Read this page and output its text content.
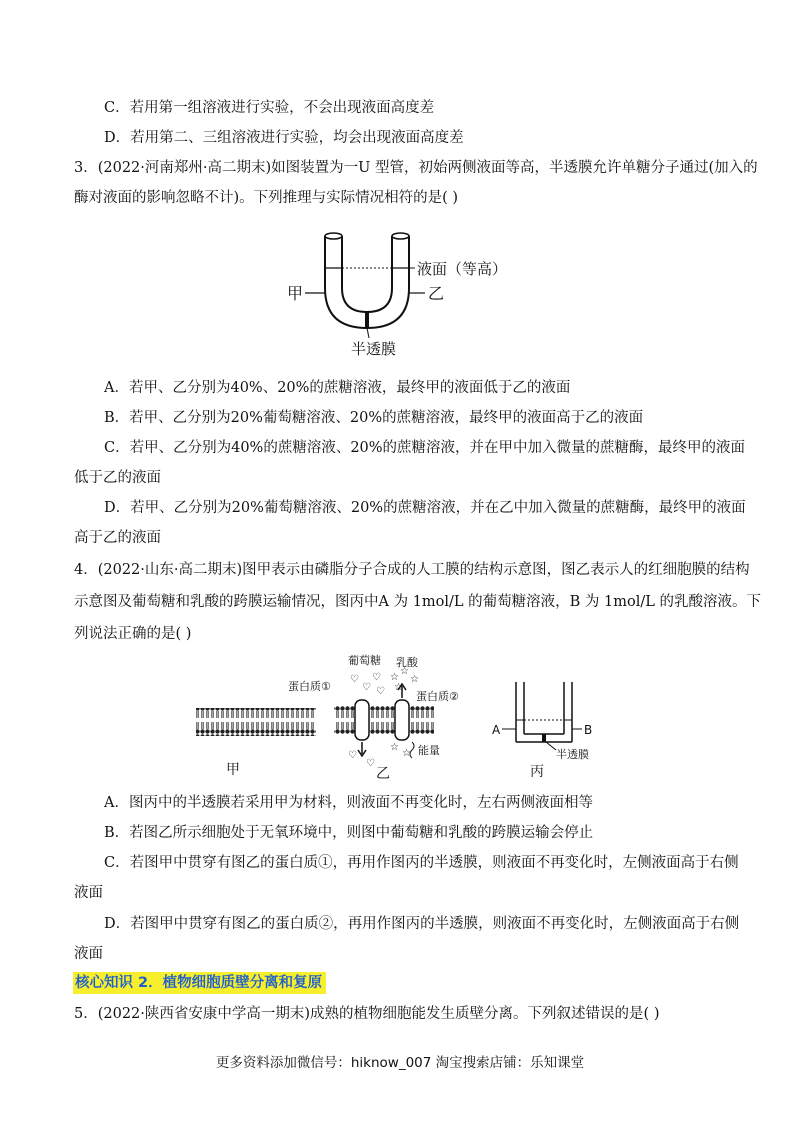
C．若用第一组溶液进行实验，不会出现液面高度差
D．若用第二、三组溶液进行实验，均会出现液面高度差
3．(2022·河南郑州·高二期末)如图装置为一U 型管，初始两侧液面等高，半透膜允许单糖分子通过(加入的
酶对液面的影响忽略不计)。下列推理与实际情况相符的是( )
甲	乙
液面（等高）
半透膜
A．若甲、乙分别为40%、20%的蔗糖溶液，最终甲的液面低于乙的液面
B．若甲、乙分别为20%葡萄糖溶液、20%的蔗糖溶液，最终甲的液面高于乙的液面
C．若甲、乙分别为40%的蔗糖溶液、20%的蔗糖溶液，并在甲中加入微量的蔗糖酶，最终甲的液面
低于乙的液面
D．若甲、乙分别为20%葡萄糖溶液、20%的蔗糖溶液，并在乙中加入微量的蔗糖酶，最终甲的液面
高于乙的液面
4．(2022·山东·高二期末)图甲表示由磷脂分子合成的人工膜的结构示意图，图乙表示人的红细胞膜的结构
示意图及葡萄糖和乳酸的跨膜运输情况，图丙中A 为 1mol/L 的葡萄糖溶液，B 为 1mol/L 的乳酸溶液。下
列说法正确的是( )
甲
♡
♡
♡
♡
♡
♡
☆
☆
☆
☆
☆
☆
葡萄糖 乳酸
蛋白质①
蛋白质②
能量
乙
A	B
半透膜
丙
A．图丙中的半透膜若采用甲为材料，则液面不再变化时，左右两侧液面相等
B．若图乙所示细胞处于无氧环境中，则图中葡萄糖和乳酸的跨膜运输会停止
C．若图甲中贯穿有图乙的蛋白质①，再用作图丙的半透膜，则液面不再变化时，左侧液面高于右侧
液面
D．若图甲中贯穿有图乙的蛋白质②，再用作图丙的半透膜，则液面不再变化时，左侧液面高于右侧
液面
核心知识 2．植物细胞质壁分离和复原
5．(2022·陕西省安康中学高一期末)成熟的植物细胞能发生质壁分离。下列叙述错误的是( )
更多资料添加微信号：hiknow_007 淘宝搜索店铺：乐知课堂
